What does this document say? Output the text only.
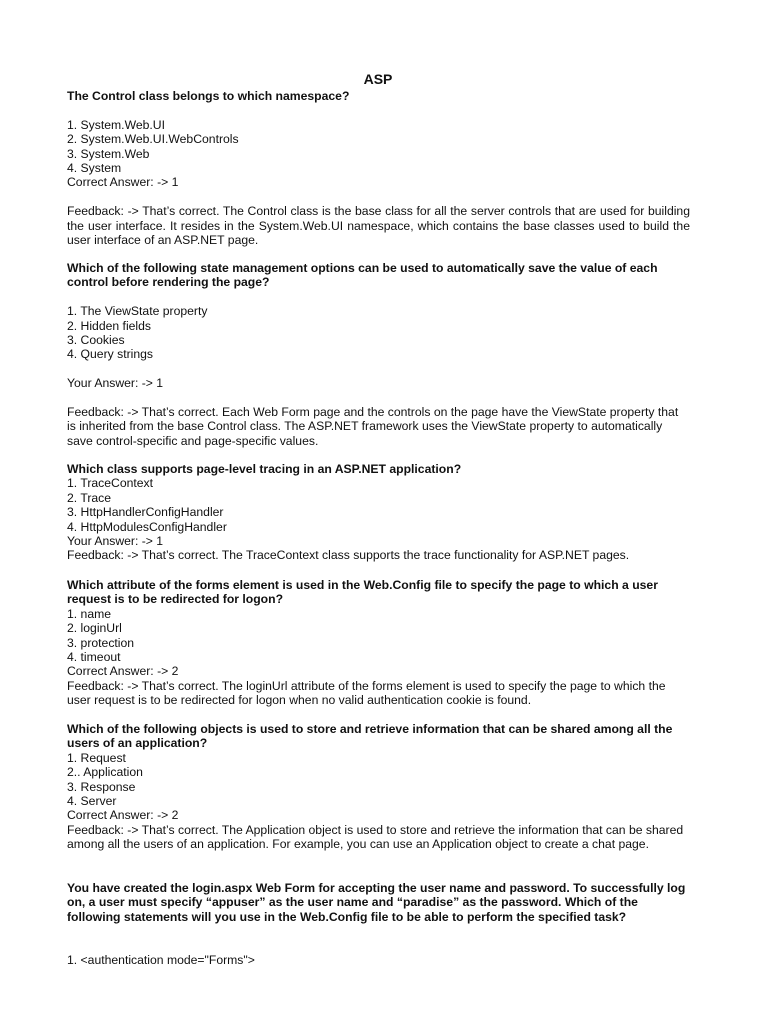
ASP

The Control class belongs to which namespace?

1. System.Web.UI
2. System.Web.UI.WebControls
3. System.Web
4. System

Correct Answer: -> 1

Feedback: -> That’s correct. The Control class is the base class for all the server controls that are used for building the user interface. It resides in the System.Web.UI namespace, which contains the base classes used to build the user interface of an ASP.NET page.

Which of the following state management options can be used to automatically save the value of each control before rendering the page?

1. The ViewState property
2. Hidden fields
3. Cookies
4. Query strings

Your Answer: -> 1

Feedback: -> That’s correct. Each Web Form page and the controls on the page have the ViewState property that is inherited from the base Control class. The ASP.NET framework uses the ViewState property to automatically save control-specific and page-specific values.

Which class supports page-level tracing in an ASP.NET application?

1. TraceContext
2. Trace
3. HttpHandlerConfigHandler
4. HttpModulesConfigHandler

Your Answer: -> 1

Feedback: -> That’s correct. The TraceContext class supports the trace functionality for ASP.NET pages.

Which attribute of the forms element is used in the Web.Config file to specify the page to which a user request is to be redirected for logon?

1. name
2. loginUrl
3. protection
4. timeout

Correct Answer: -> 2

Feedback: -> That’s correct. The loginUrl attribute of the forms element is used to specify the page to which the user request is to be redirected for logon when no valid authentication cookie is found.

Which of the following objects is used to store and retrieve information that can be shared among all the users of an application?

1. Request
2.. Application
3. Response
4. Server

Correct Answer: -> 2

Feedback: -> That’s correct. The Application object is used to store and retrieve the information that can be shared among all the users of an application. For example, you can use an Application object to create a chat page.

You have created the login.aspx Web Form for accepting the user name and password. To successfully log on, a user must specify “appuser” as the user name and “paradise” as the password. Which of the following statements will you use in the Web.Config file to be able to perform the specified task?

1. <authentication mode="Forms">
